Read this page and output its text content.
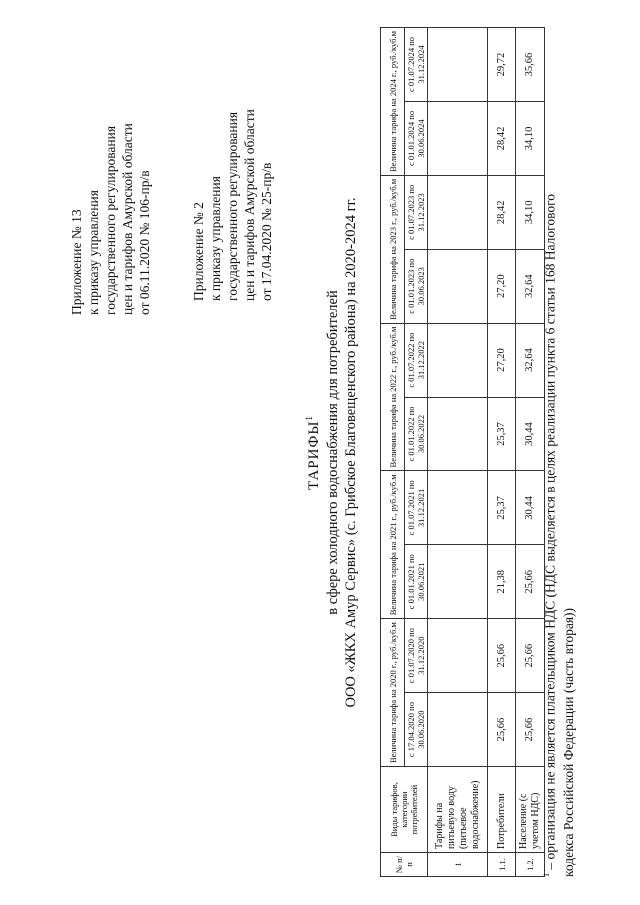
Приложение № 13 к приказу управления государственного регулирования цен и тарифов Амурской области от 06.11.2020 № 106-пр/в	Приложение № 2 к приказу управления государственного регулирования цен и тарифов Амурской области от 17.04.2020 № 25-пр/в
ТАРИФЫ$^1$ в сфере холодного водоснабжения для потребителей ООО «ЖКХ Амур Сервис» (с. Грибское Благовещенского района) на 2020-2024 гг.
№ п/п	Виды тарифов, категории потребителей	Величина тарифа на 2020 г., руб./куб.м		Величина тарифа на 2021 г., руб./куб.м		Величина тарифа на 2022 г., руб./куб.м		Величина тарифа на 2023 г., руб./куб.м		Величина тарифа на 2024 г., руб./куб.м	
		с 17.04.2020 по 30.06.2020	с 01.07.2020 по 31.12.2020	с 01.01.2021 по 30.06.2021	с 01.07.2021 по 31.12.2021	с 01.01.2022 по 30.06.2022	с 01.07.2022 по 31.12.2022	с 01.01.2023 по 30.06.2023	с 01.07.2023 по 31.12.2023	с 01.01.2024 по 30.06.2024	с 01.07.2024 по 31.12.2024
1	Тарифы на питьевую воду (питьевое водоснабжение)										
1.1.	Потребители	25,66	25,66	21,38	25,37	25,37	27,20	27,20	28,42	28,42	29,72
1.2.	Население (с учетом НДС)	25,66	25,66	25,66	30,44	30,44	32,64	32,64	34,10	34,10	35,66
$^1$ – организация не является плательщиком НДС (НДС выделяется в целях реализации пункта 6 статьи 168 Налогового кодекса Российской Федерации (часть вторая))
